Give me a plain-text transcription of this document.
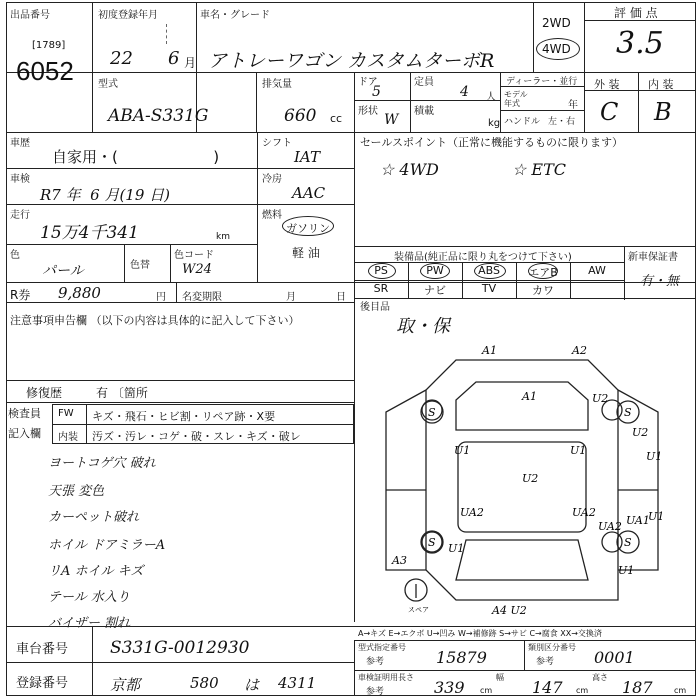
出品番号
[1789]
6052
初度登録年月
22 6 月
車名・グレード
アトレーワゴン カスタムターボR
2WD
4WD
評 価 点
3.5
外 装	内 装
C B
型式
ABA-S331G
排気量
660 cc
ドア
5
定員
4 人
形状
W
積載
kg
ディーラー・並行
モデル年式	年
ハンドル 左・右
車歴
自家用・(                    )
シフト
IAT
セールスポイント（正常に機能するものに限ります）
☆ 4WD	☆ ETC
車検
R7 年  6 月(19 日)
冷房
AAC
走行
15万4千341	km
燃料
ガソリン
軽 油
色
パール	色替
色コード
W24
装備品(純正品に限り丸をつけて下さい)	新車保証書
有・無
PS	PW	ABS	エアB	AW
SR	ナビ	TV	カワ
R券 9,880	円 名変期限	月	日
後目品
取・保
注意事項申告欄 （以下の内容は具体的に記入して下さい）
修復歴	有 〔箇所
検査員記入欄
FW キズ・飛石・ヒビ割・リペア跡・X要
内装 汚ズ・汚レ・コゲ・破・スレ・キズ・破レ
ヨートコゲ穴 破れ
天張 変色
カーペット破れ
ホイル ドアミラーA
リA ホイル キズ
テール 水入り
バイザー 割れ
A1	A2
A1	U2
U2
S	S
U1	U1
U2
U1
UA2	UA2
UA2 UA1
U1
U1
S	S
A3
U1
A4 U2
スペア
A→キズ E→エクボ U→凹み W→補修跡 S→サビ C→腐食 XX→交換済
車台番号 S331G-0012930
登録番号	京都	580 は 4311
型式指定番号
参考	15879
類別区分番号
参考 0001
車検証明用
参考
長さ
339 cm
幅
147 cm
高さ
187	cm
